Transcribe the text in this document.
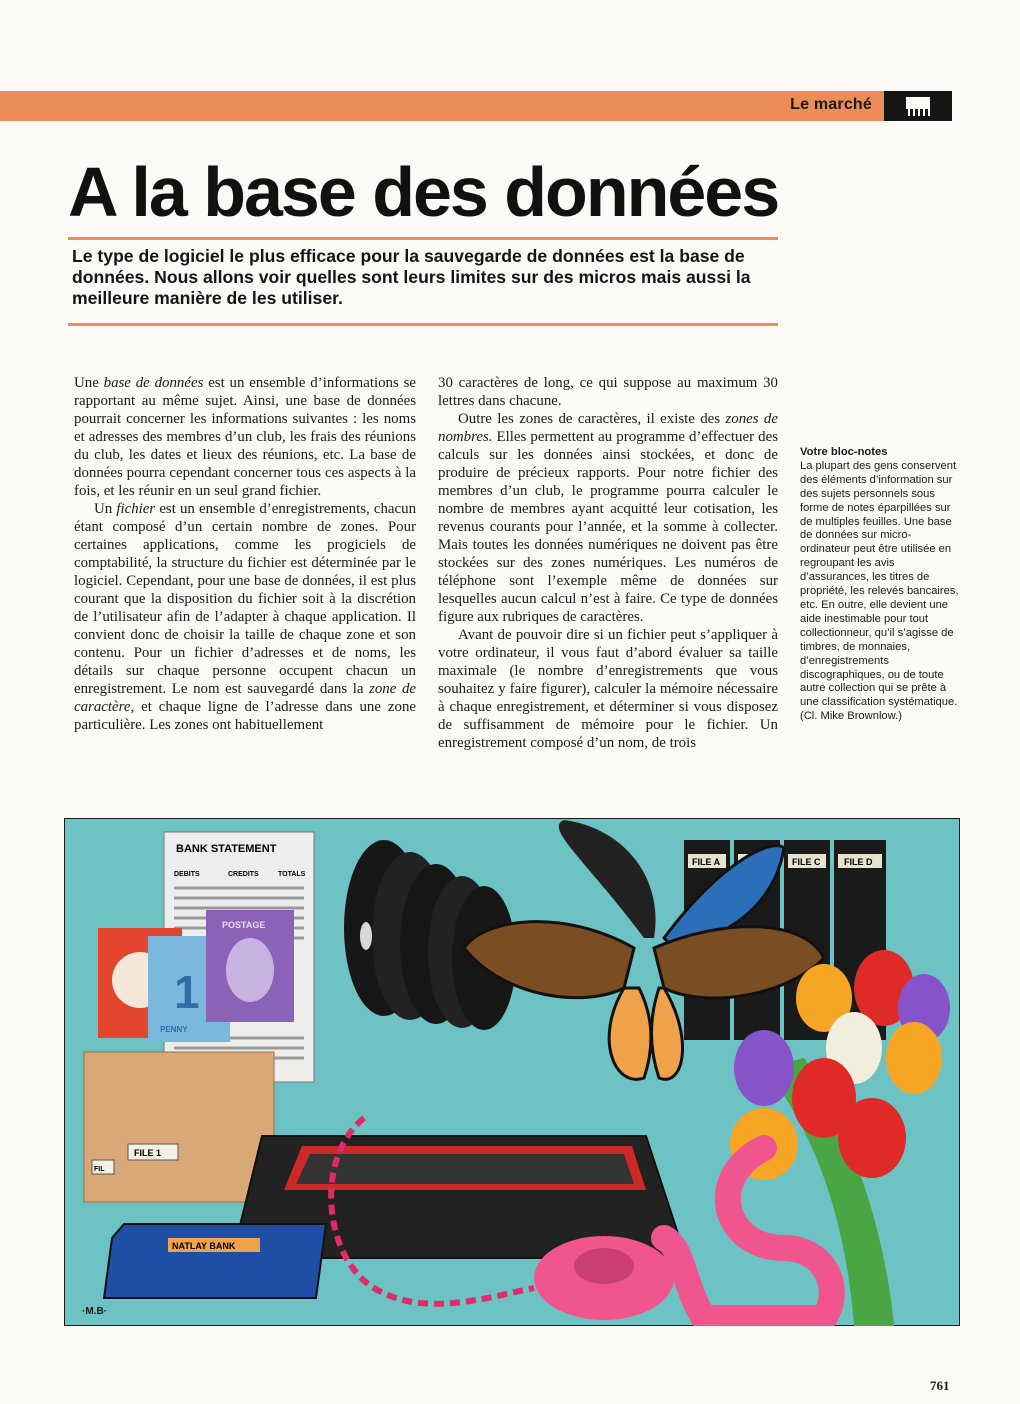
Le marché
A la base des données
Le type de logiciel le plus efficace pour la sauvegarde de données est la base de données. Nous allons voir quelles sont leurs limites sur des micros mais aussi la meilleure manière de les utiliser.

Une base de données est un ensemble d’informations se rapportant au même sujet. Ainsi, une base de données pourrait concerner les informations suivantes : les noms et adresses des membres d’un club, les frais des réunions du club, les dates et lieux des réunions, etc. La base de données pourra cependant concerner tous ces aspects à la fois, et les réunir en un seul grand fichier.

Un fichier est un ensemble d’enregistrements, chacun étant composé d’un certain nombre de zones. Pour certaines applications, comme les progiciels de comptabilité, la structure du fichier est déterminée par le logiciel. Cependant, pour une base de données, il est plus courant que la disposition du fichier soit à la discrétion de l’utilisateur afin de l’adapter à chaque application. Il convient donc de choisir la taille de chaque zone et son contenu. Pour un fichier d’adresses et de noms, les détails sur chaque personne occupent chacun un enregistrement. Le nom est sauvegardé dans la zone de caractère, et chaque ligne de l’adresse dans une zone particulière. Les zones ont habituellement

30 caractères de long, ce qui suppose au maximum 30 lettres dans chacune.

Outre les zones de caractères, il existe des zones de nombres. Elles permettent au programme d’effectuer des calculs sur les données ainsi stockées, et donc de produire de précieux rapports. Pour notre fichier des membres d’un club, le programme pourra calculer le nombre de membres ayant acquitté leur cotisation, les revenus courants pour l’année, et la somme à collecter. Mais toutes les données numériques ne doivent pas être stockées sur des zones numériques. Les numéros de téléphone sont l’exemple même de données sur lesquelles aucun calcul n’est à faire. Ce type de données figure aux rubriques de caractères.

Avant de pouvoir dire si un fichier peut s’appliquer à votre ordinateur, il vous faut d’abord évaluer sa taille maximale (le nombre d’enregistrements que vous souhaitez y faire figurer), calculer la mémoire nécessaire à chaque enregistrement, et déterminer si vous disposez de suffisamment de mémoire pour le fichier. Un enregistrement composé d’un nom, de trois

Votre bloc-notes
La plupart des gens conservent des éléments d’information sur des sujets personnels sous forme de notes éparpillées sur de multiples feuilles. Une base de données sur micro-ordinateur peut être utilisée en regroupant les avis d’assurances, les titres de propriété, les relevés bancaires, etc. En outre, elle devient une aide inestimable pour tout collectionneur, qu’il s’agisse de timbres, de monnaies, d’enregistrements discographiques, ou de toute autre collection qui se prête à une classification systématique.
(Cl. Mike Brownlow.)
FILE A	FILE C	FILE D
BANK STATEMENT
DEBITS	CREDITS	TOTALS
FILE 1
FIL
1
PENNY
POSTAGE
NATLAY BANK
·M.B·
761
